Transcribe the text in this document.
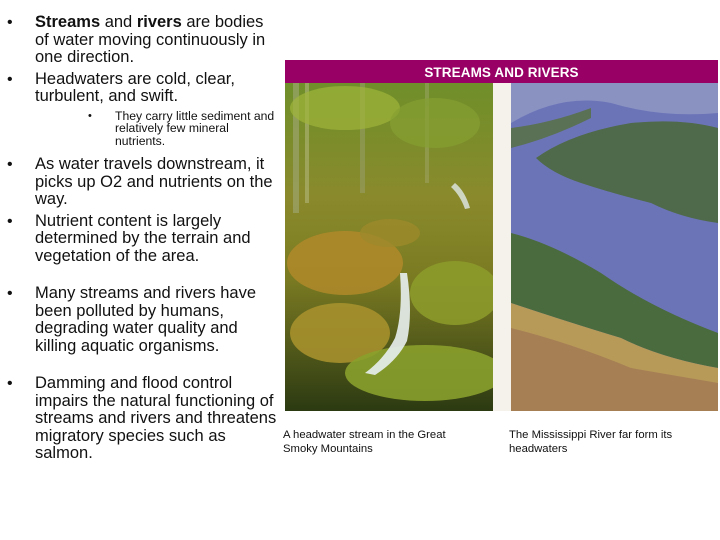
• Streams and rivers are bodies of water moving continuously in one direction.
• Headwaters are cold, clear, turbulent, and swift.
• They carry little sediment and relatively few mineral nutrients.
• As water travels downstream, it picks up O2 and nutrients on the way.
• Nutrient content is largely determined by the terrain and vegetation of the area.
• Many streams and rivers have been polluted by humans, degrading water quality and killing aquatic organisms.
• Damming and flood control impairs the natural functioning of streams and rivers and threatens migratory species such as salmon.
STREAMS AND RIVERS
A headwater stream in the Great Smoky Mountains
The Mississippi River far form its headwaters
